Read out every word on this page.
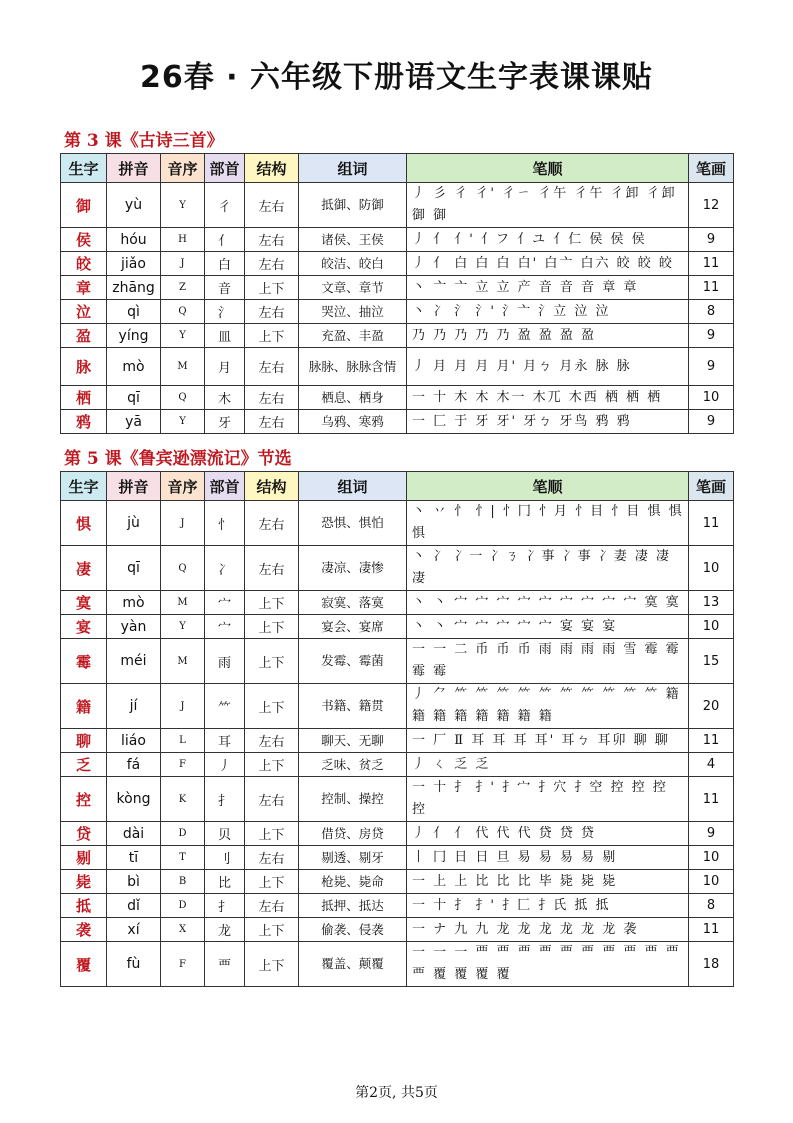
26春 · 六年级下册语文生字表课课贴
第 3 课《古诗三首》
生字	拼音	音序	部首	结构	组词	笔顺	笔画
御	yù	Y	彳	左右	抵御、防御	丿 彡 彳 彳' 彳ㄧ 彳午 彳午 彳卸 彳卸 御 御	12
侯	hóu	H	亻	左右	诸侯、王侯	丿 亻 亻' 亻フ 亻ユ 亻仁 侯 侯 侯	9
皎	jiǎo	J	白	左右	皎洁、皎白	丿 亻 白 白 白 白' 白亠 白六 皎 皎 皎	11
章	zhāng	Z	音	上下	文章、章节	丶 亠 亠 立 立 产 音 音 音 章 章	11
泣	qì	Q	氵	左右	哭泣、抽泣	丶 冫 氵 氵' 氵亠 氵立 泣 泣	8
盈	yíng	Y	皿	上下	充盈、丰盈	乃 乃 乃 乃 乃 盈 盈 盈 盈	9
脉	mò	M	月	左右	脉脉、脉脉含情	丿 月 月 月 月' 月ㄅ 月永 脉 脉	9
栖	qī	Q	木	左右	栖息、栖身	一 十 木 木 木一 木兀 木西 栖 栖 栖	10
鸦	yā	Y	牙	左右	乌鸦、寒鸦	一 匚 于 牙 牙' 牙ㄅ 牙鸟 鸦 鸦	9
第 5 课《鲁宾逊漂流记》节选
生字	拼音	音序	部首	结构	组词	笔顺	笔画
惧	jù	J	忄	左右	恐惧、惧怕	丶 丷 忄 忄| 忄冂 忄月 忄目 忄目 惧 惧 惧	11
凄	qī	Q	冫	左右	凄凉、凄惨	丶 冫 冫一 冫ㄋ 冫事 冫事 冫妻 凄 凄 凄	10
寞	mò	M	宀	上下	寂寞、落寞	丶 丶 宀 宀 宀 宀 宀 宀 宀 宀 宀 寞 寞	13
宴	yàn	Y	宀	上下	宴会、宴席	丶 丶 宀 宀 宀 宀 宀 宴 宴 宴	10
霉	méi	M	雨	上下	发霉、霉菌	一 一 二 币 币 币 雨 雨 雨 雨 雪 霉 霉 霉 霉	15
籍	jí	J	⺮	上下	书籍、籍贯	丿 ⺈ ⺮ ⺮ ⺮ ⺮ ⺮ ⺮ ⺮ ⺮ ⺮ ⺮ 籍 籍 籍 籍 籍 籍 籍 籍	20
聊	liáo	L	耳	左右	聊天、无聊	一 厂 Ⅱ 耳 耳 耳 耳' 耳ㄅ 耳卯 聊 聊	11
乏	fá	F	丿	上下	乏味、贫乏	丿 ㄑ 乏 乏	4
控	kòng	K	扌	左右	控制、操控	一 十 扌 扌' 扌宀 扌穴 扌空 控 控 控 控	11
贷	dài	D	贝	上下	借贷、房贷	丿 亻 亻 代 代 代 贷 贷 贷	9
剔	tī	T	刂	左右	剔透、剔牙	丨 冂 日 日 旦 易 易 易 易 剔	10
毙	bì	B	比	上下	枪毙、毙命	一 上 上 比 比 比 毕 毙 毙 毙	10
抵	dǐ	D	扌	左右	抵押、抵达	一 十 扌 扌' 扌匚 扌氏 抵 抵	8
袭	xí	X	龙	上下	偷袭、侵袭	一 ナ 九 九 龙 龙 龙 龙 龙 龙 袭	11
覆	fù	F	覀	上下	覆盖、颠覆	一 一 一 覀 覀 覀 覀 覀 覀 覀 覀 覀 覀 覀 覆 覆 覆 覆	18
第2页, 共5页
